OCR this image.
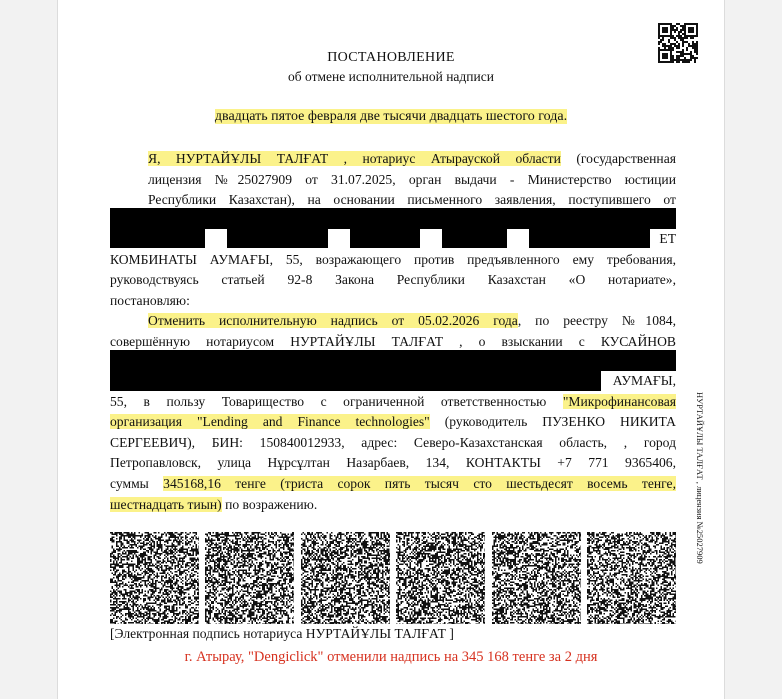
ПОСТАНОВЛЕНИЕ
об отмене исполнительной надписи
двадцать пятое февраля две тысячи двадцать шестого года.
Я, НУРТАЙҰЛЫ ТАЛҒАТ , нотариус Атырауской области (государственная
лицензия №25027909 от 31.07.2025, орган выдачи - Министерство юстиции
Республики Казахстан), на основании письменного заявления, поступившего от
ЕТ
КОМБИНАТЫ АУМАҒЫ, 55, возражающего против предъявленного ему требования,
руководствуясь статьей 92-8 Закона Республики Казахстан «О нотариате»,
постановляю:
Отменить исполнительную надпись от 05.02.2026 года, по реестру №1084,
совершённую нотариусом НУРТАЙҰЛЫ ТАЛҒАТ , о взыскании с КУСАЙНОВ
АУМАҒЫ,
55, в пользу Товарищество с ограниченной ответственностью "Микрофинансовая
организация "Lending and Finance technologies" (руководитель ПУЗЕНКО НИКИТА
СЕРГЕЕВИЧ), БИН: 150840012933, адрес: Северо-Казахстанская область, , город
Петропавловск, улица Нұрсұлтан Назарбаев, 134, КОНТАКТЫ +7 771 9365406,
суммы 345168,16 тенге (триста сорок пять тысяч сто шестьдесят восемь тенге,
шестнадцать тиын) по возражению.
[Электронная подпись нотариуса НУРТАЙҰЛЫ ТАЛҒАТ ]
НУРТАЙҰЛЫ ТАЛҒАТ , лицензия №25027909
г. Атырау, "Dengiclick" отменили надпись на 345 168 тенге за 2 дня
